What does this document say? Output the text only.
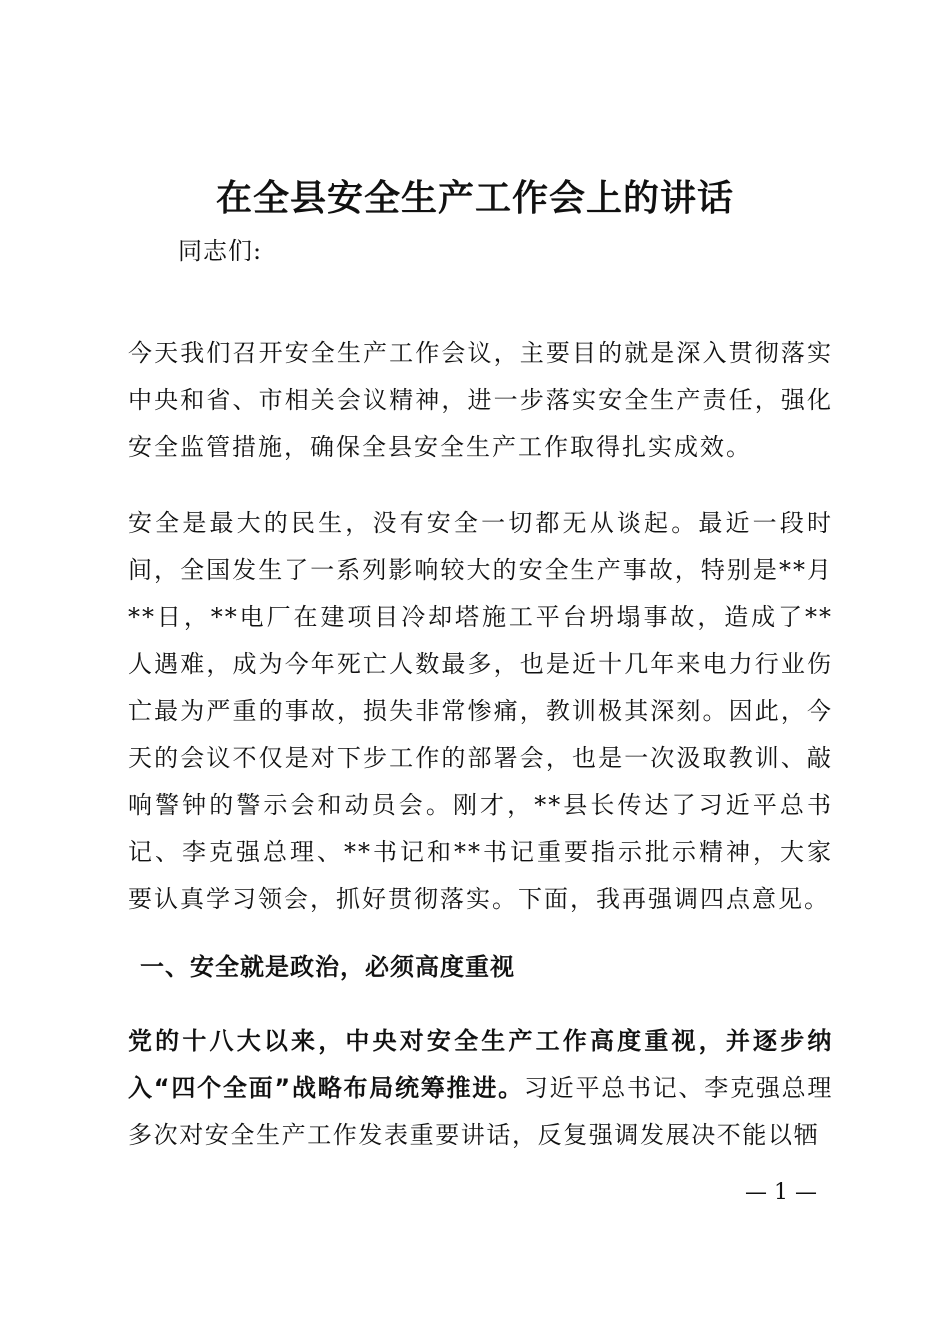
在全县安全生产工作会上的讲话
同志们:

今天我们召开安全生产工作会议，主要目的就是深入贯彻落实中央和省、市相关会议精神，进一步落实安全生产责任，强化安全监管措施，确保全县安全生产工作取得扎实成效。

安全是最大的民生，没有安全一切都无从谈起。最近一段时间，全国发生了一系列影响较大的安全生产事故，特别是**月**日，**电厂在建项目冷却塔施工平台坍塌事故，造成了**人遇难，成为今年死亡人数最多，也是近十几年来电力行业伤亡最为严重的事故，损失非常惨痛，教训极其深刻。因此，今天的会议不仅是对下步工作的部署会，也是一次汲取教训、敲响警钟的警示会和动员会。刚才，**县长传达了习近平总书记、李克强总理、**书记和**书记重要指示批示精神，大家要认真学习领会，抓好贯彻落实。下面，我再强调四点意见。

一、安全就是政治，必须高度重视

党的十八大以来，中央对安全生产工作高度重视，并逐步纳入“四个全面”战略布局统筹推进。习近平总书记、李克强总理多次对安全生产工作发表重要讲话，反复强调发展决不能以牺

— 1 —
